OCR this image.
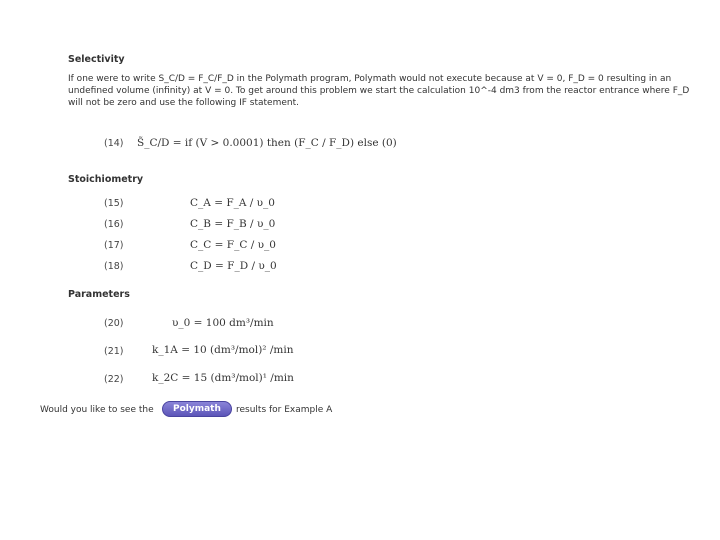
Selectivity
If one were to write S_C/D = F_C/F_D in the Polymath program, Polymath would not execute because at V = 0, F_D = 0 resulting in an
undefined volume (infinity) at V = 0. To get around this problem we start the calculation 10^-4 dm3 from the reactor entrance where F_D
will not be zero and use the following IF statement.
(14) S̃_C/D = if (V > 0.0001) then (F_C / F_D) else (0)
Stoichiometry
(15)	C_A = F_A / υ_0
(16)	C_B = F_B / υ_0
(17)	C_C = F_C / υ_0
(18)	C_D = F_D / υ_0
Parameters
(20)	υ_0 = 100 dm³/min
(21)	k_1A = 10 (dm³/mol)² /min
(22)	k_2C = 15 (dm³/mol)¹ /min
Would you like to see the	Polymath	results for Example A
